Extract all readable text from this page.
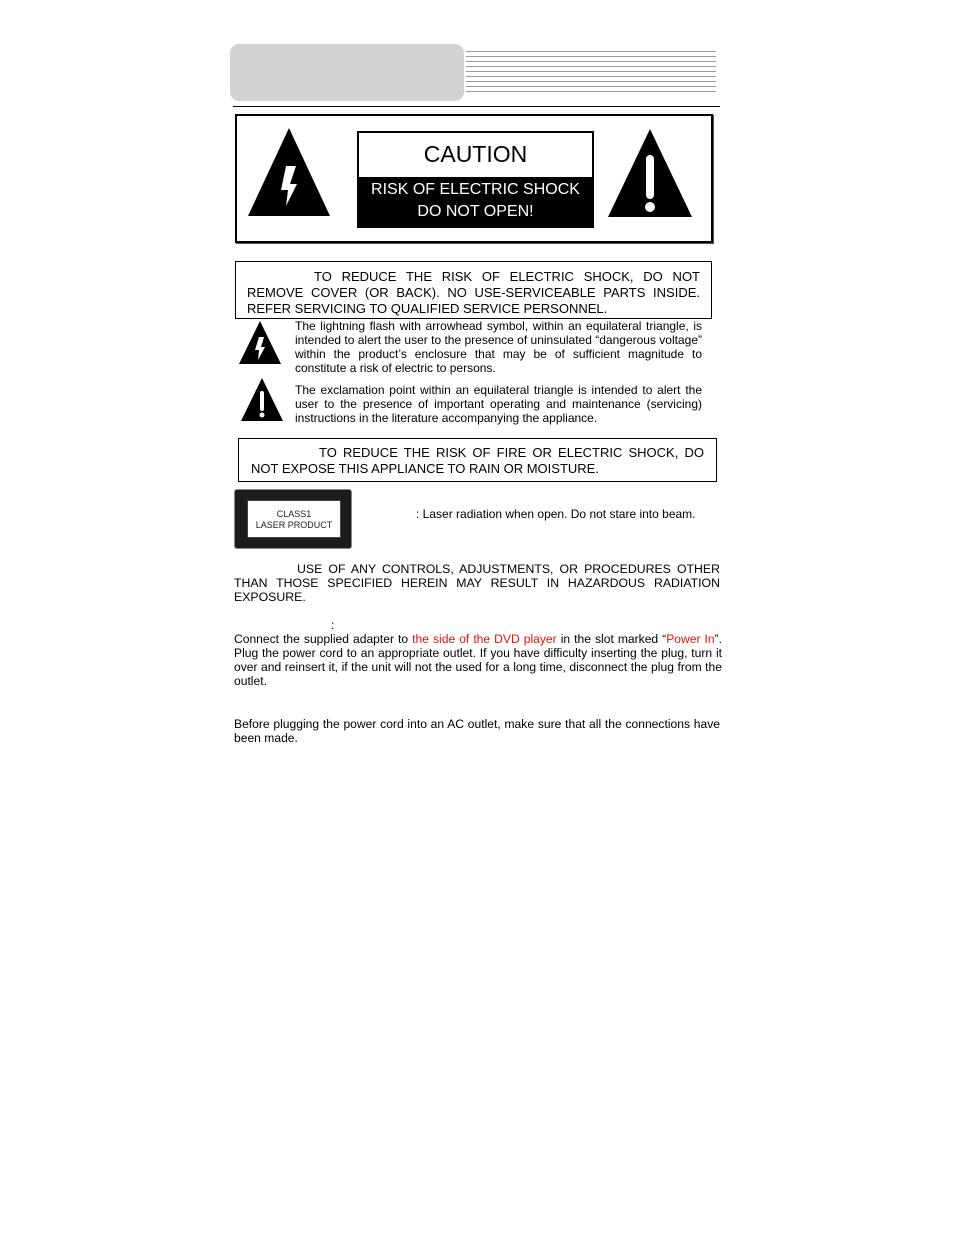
CAUTION
RISK OF ELECTRIC SHOCK
DO NOT OPEN!
TO REDUCE THE RISK OF ELECTRIC SHOCK, DO NOT REMOVE COVER (OR BACK). NO USE-SERVICEABLE PARTS INSIDE. REFER SERVICING TO QUALIFIED SERVICE PERSONNEL.
The lightning flash with arrowhead symbol, within an equilateral triangle, is intended to alert the user to the presence of uninsulated “dangerous voltage” within the product’s enclosure that may be of sufficient magnitude to constitute a risk of electric to persons.
The exclamation point within an equilateral triangle is intended to alert the user to the presence of important operating and maintenance (servicing) instructions in the literature accompanying the appliance.
TO REDUCE THE RISK OF FIRE OR ELECTRIC SHOCK, DO NOT EXPOSE THIS APPLIANCE TO RAIN OR MOISTURE.
CLASS1
LASER PRODUCT
: Laser radiation when open. Do not stare into beam.
USE OF ANY CONTROLS, ADJUSTMENTS, OR PROCEDURES OTHER THAN THOSE SPECIFIED HEREIN MAY RESULT IN HAZARDOUS RADIATION EXPOSURE.
:
Connect the supplied adapter to the side of the DVD player in the slot marked “Power In”. Plug the power cord to an appropriate outlet. If you have difficulty inserting the plug, turn it over and reinsert it, if the unit will not the used for a long time, disconnect the plug from the outlet.
Before plugging the power cord into an AC outlet, make sure that all the connections have been made.
